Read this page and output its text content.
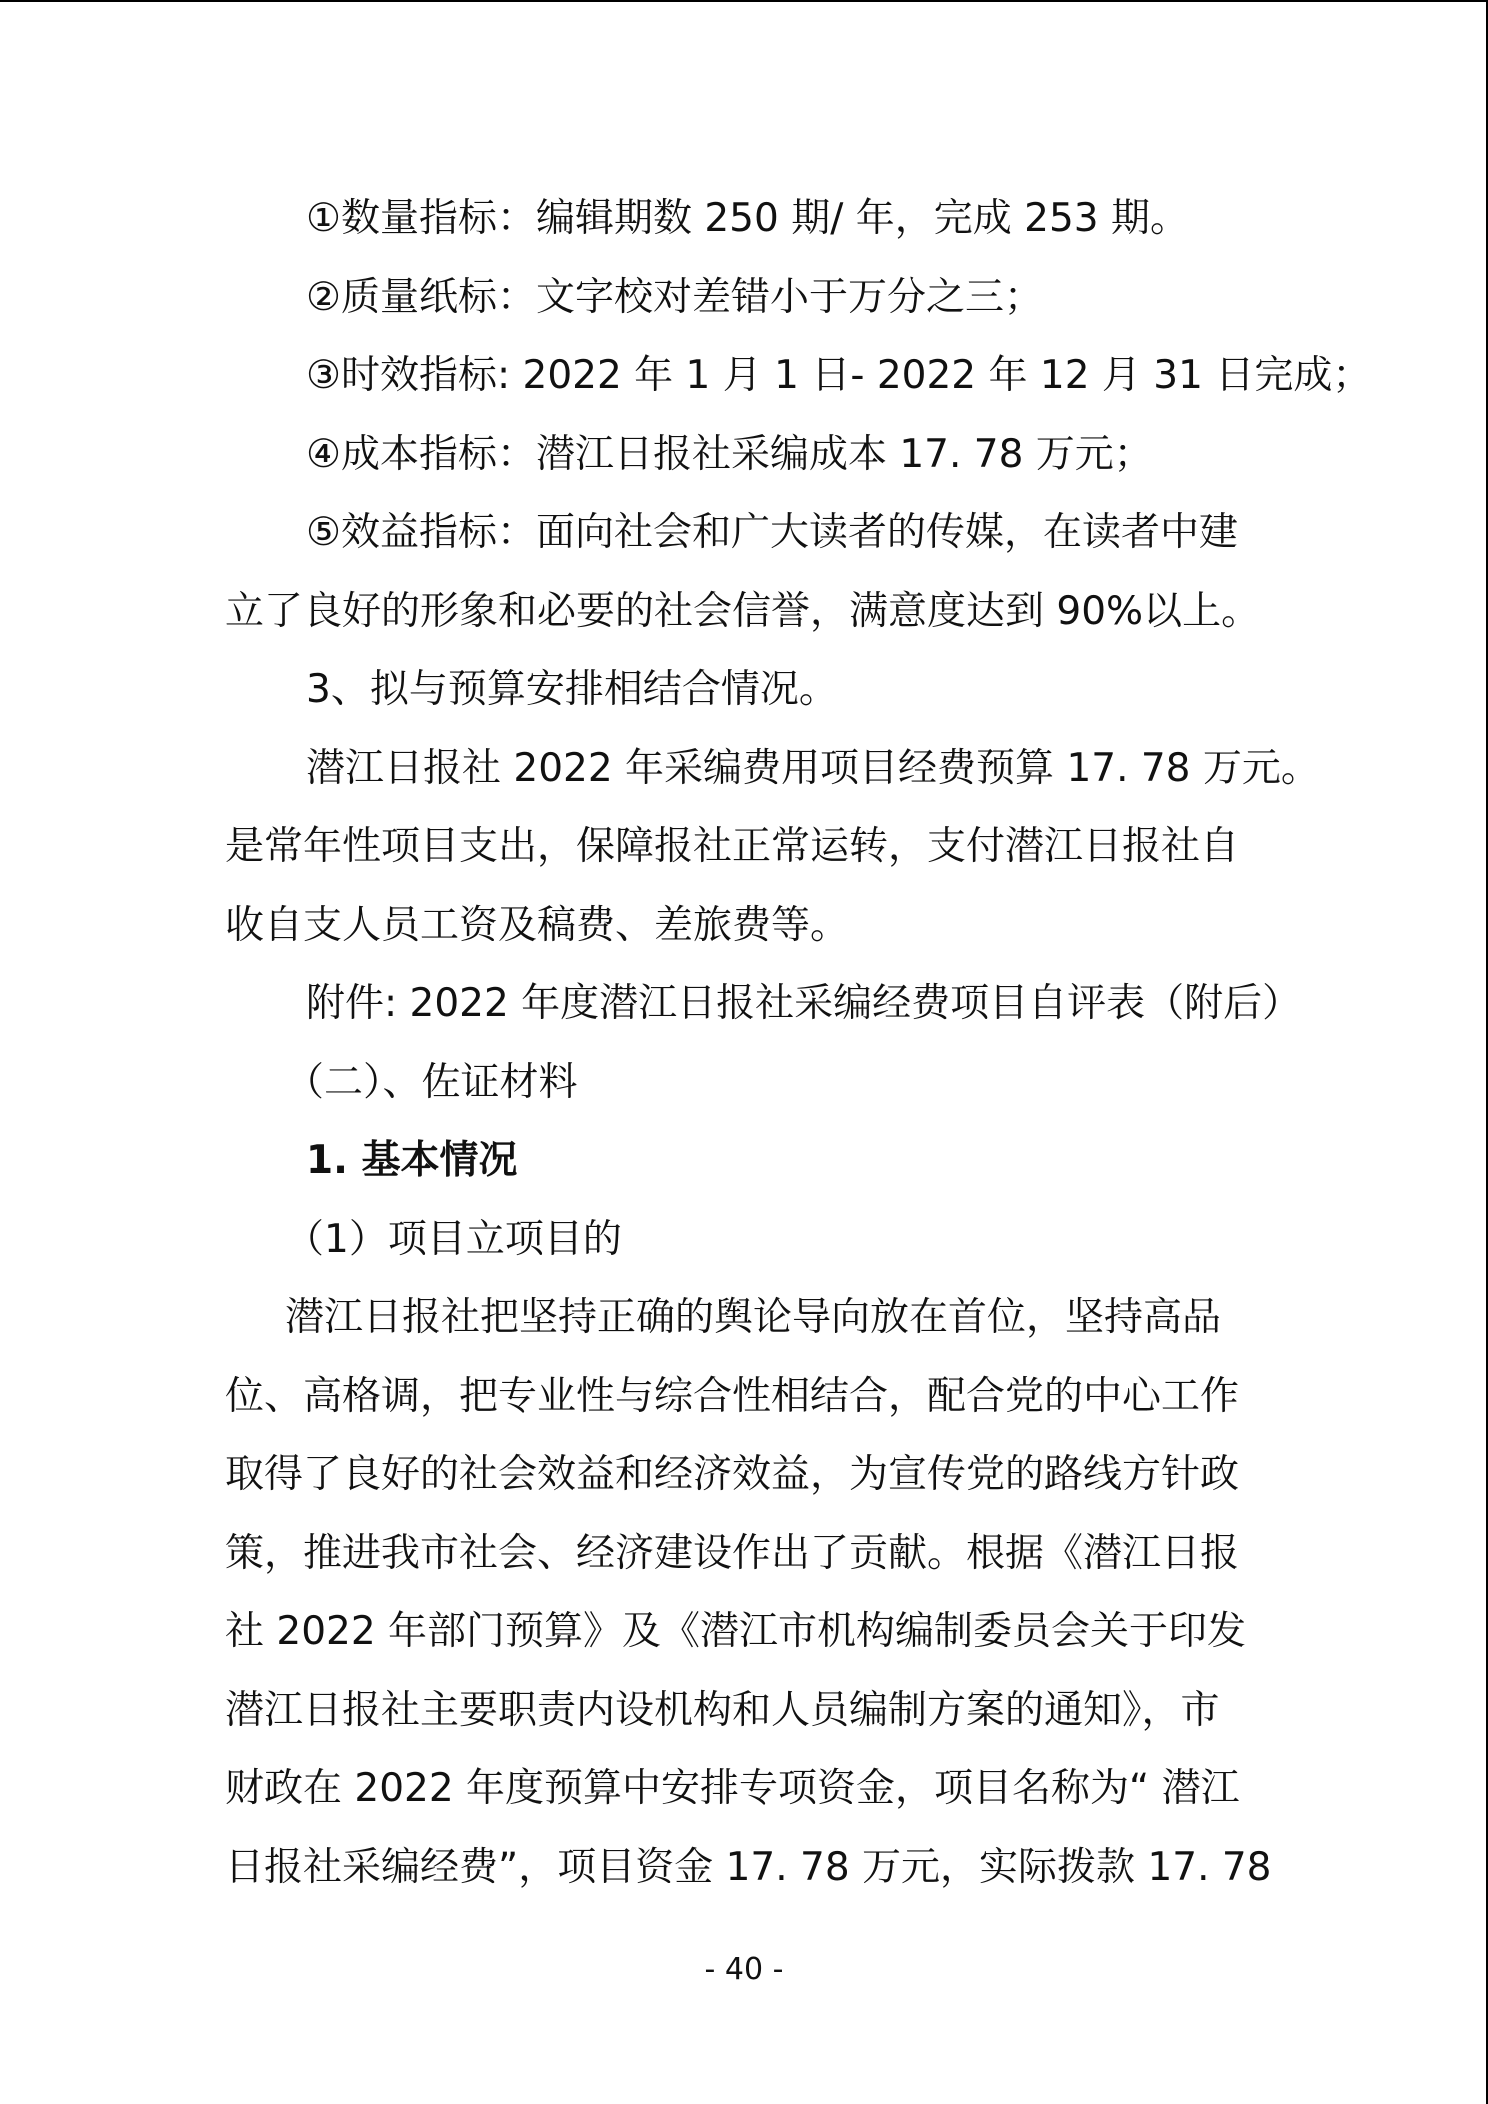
①数量指标：编辑期数 250 期/ 年，完成 253 期。
②质量纸标：文字校对差错小于万分之三；
③时效指标: 2022 年 1 月 1 日- 2022 年 12 月 31 日完成；
④成本指标：潜江日报社采编成本 17. 78 万元；
⑤效益指标：面向社会和广大读者的传媒，在读者中建
立了良好的形象和必要的社会信誉，满意度达到 90%以上。
3、拟与预算安排相结合情况。
潜江日报社 2022 年采编费用项目经费预算 17. 78 万元。
是常年性项目支出，保障报社正常运转，支付潜江日报社自
收自支人员工资及稿费、差旅费等。
附件: 2022 年度潜江日报社采编经费项目自评表（附后）
（二）、佐证材料
1. 基本情况
（1）项目立项目的
潜江日报社把坚持正确的舆论导向放在首位，坚持高品
位、高格调，把专业性与综合性相结合，配合党的中心工作
取得了良好的社会效益和经济效益，为宣传党的路线方针政
策，推进我市社会、经济建设作出了贡献。根据《潜江日报
社 2022 年部门预算》及《潜江市机构编制委员会关于印发
潜江日报社主要职责内设机构和人员编制方案的通知》，市
财政在 2022 年度预算中安排专项资金，项目名称为“ 潜江
日报社采编经费”，项目资金 17. 78 万元，实际拨款 17. 78
- 40 -
